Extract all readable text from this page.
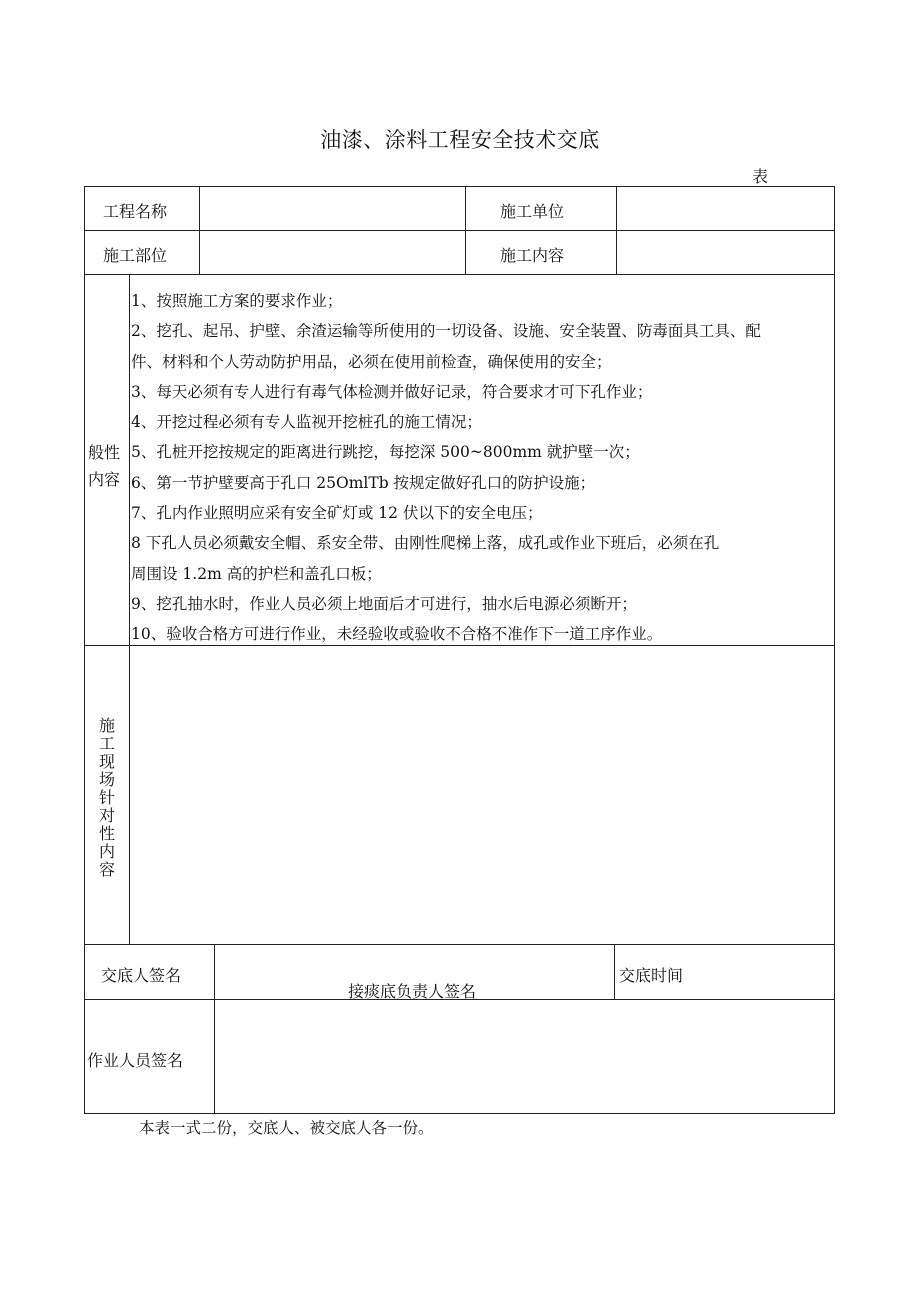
油漆、涂料工程安全技术交底
表
工程名称	施工单位
施工部位	施工内容
般性
内容
1、按照施工方案的要求作业；
2、挖孔、起吊、护壁、余渣运输等所使用的一切设备、设施、安全装置、防毒面具工具、配
件、材料和个人劳动防护用品，必须在使用前检查，确保使用的安全；
3、每天必须有专人进行有毒气体检测并做好记录，符合要求才可下孔作业；
4、开挖过程必须有专人监视开挖桩孔的施工情况；
5、孔桩开挖按规定的距离进行跳挖，每挖深 500~800mm 就护壁一次；
6、第一节护壁要高于孔口 25OmlTb 按规定做好孔口的防护设施；
7、孔内作业照明应采有安全矿灯或 12 伏以下的安全电压；
8 下孔人员必须戴安全帽、系安全带、由刚性爬梯上落，成孔或作业下班后，必须在孔
周围设 1.2m 高的护栏和盖孔口板；
9、挖孔抽水时，作业人员必须上地面后才可进行，抽水后电源必须断开；
10、验收合格方可进行作业，未经验收或验收不合格不准作下一道工序作业。
施
工
现
场
针
对
性
内
容
交底人签名
接痰底负责人签名
交底时间
作业人员签名
本表一式二份，交底人、被交底人各一份。
